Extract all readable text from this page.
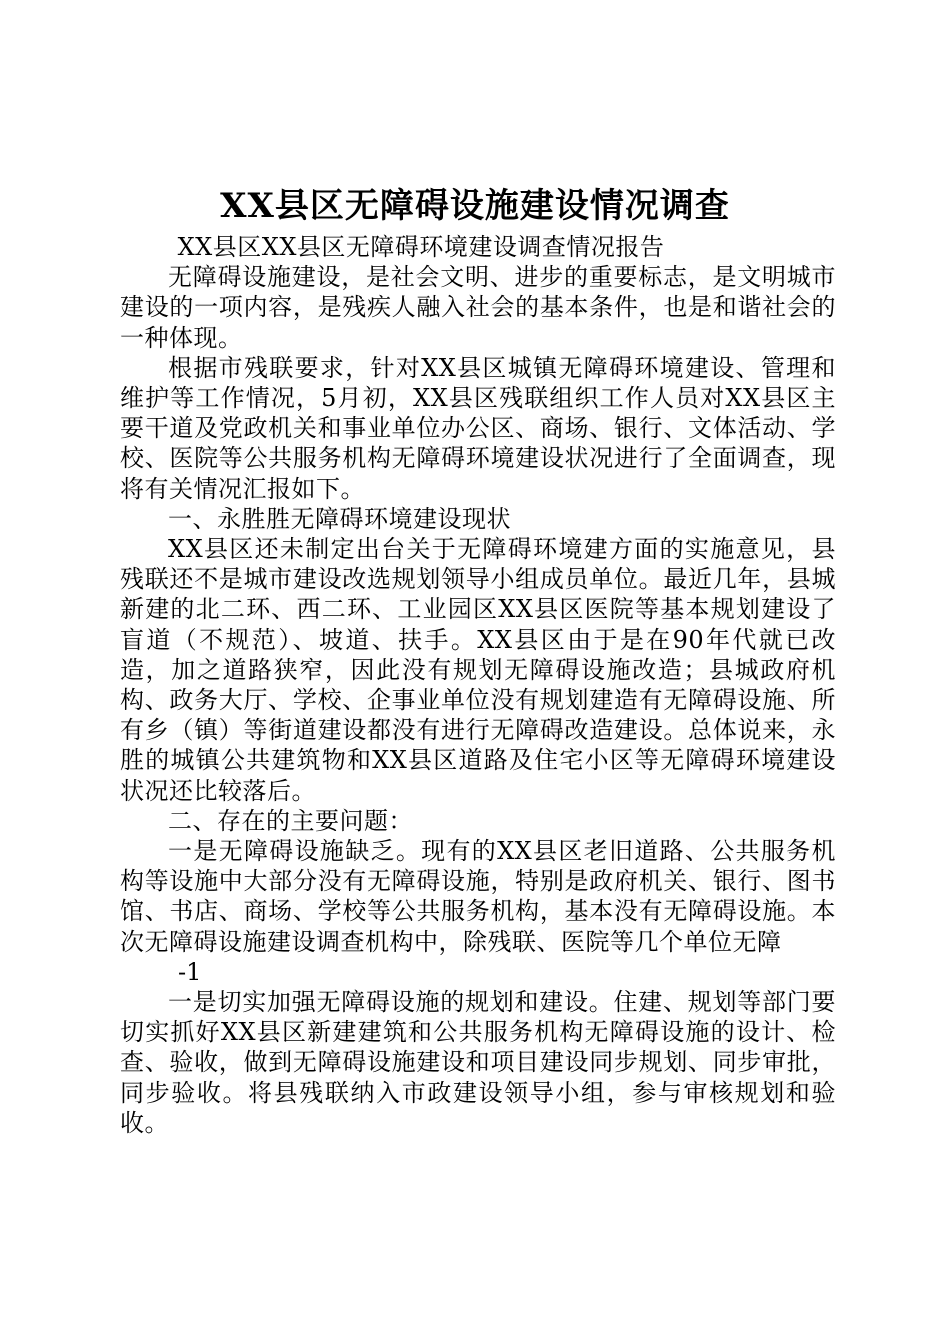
XX县区无障碍设施建设情况调查

XX县区XX县区无障碍环境建设调查情况报告

无障碍设施建设，是社会文明、进步的重要标志，是文明城市建设的一项内容，是残疾人融入社会的基本条件，也是和谐社会的一种体现。

根据市残联要求，针对XX县区城镇无障碍环境建设、管理和维护等工作情况，5月初，XX县区残联组织工作人员对XX县区主要干道及党政机关和事业单位办公区、商场、银行、文体活动、学校、医院等公共服务机构无障碍环境建设状况进行了全面调查，现将有关情况汇报如下。

一、永胜胜无障碍环境建设现状

XX县区还未制定出台关于无障碍环境建方面的实施意见，县残联还不是城市建设改选规划领导小组成员单位。最近几年，县城新建的北二环、西二环、工业园区XX县区医院等基本规划建设了盲道（不规范）、坡道、扶手。XX县区由于是在90年代就已改造，加之道路狭窄，因此没有规划无障碍设施改造；县城政府机构、政务大厅、学校、企事业单位没有规划建造有无障碍设施、所有乡（镇）等街道建设都没有进行无障碍改造建设。总体说来，永胜的城镇公共建筑物和XX县区道路及住宅小区等无障碍环境建设状况还比较落后。

二、存在的主要问题：

一是无障碍设施缺乏。现有的XX县区老旧道路、公共服务机构等设施中大部分没有无障碍设施，特别是政府机关、银行、图书馆、书店、商场、学校等公共服务机构，基本没有无障碍设施。本次无障碍设施建设调查机构中，除残联、医院等几个单位无障

-1

一是切实加强无障碍设施的规划和建设。住建、规划等部门要切实抓好XX县区新建建筑和公共服务机构无障碍设施的设计、检查、验收，做到无障碍设施建设和项目建设同步规划、同步审批，同步验收。将县残联纳入市政建设领导小组，参与审核规划和验收。
